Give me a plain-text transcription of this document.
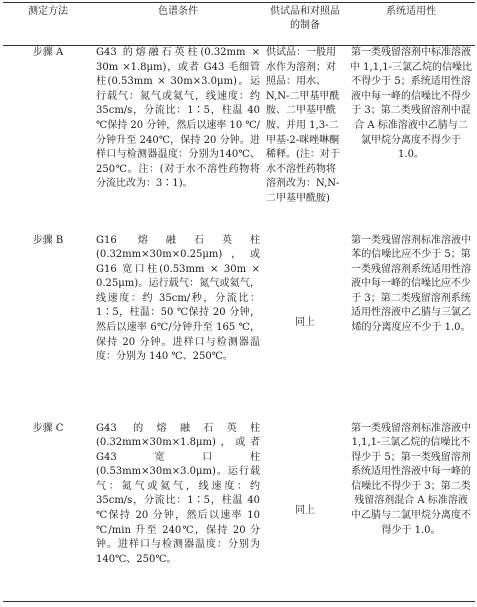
测定方法	色谱条件	供试品和对照品的制备	系统适用性
步骤 A	G43 的熔融石英柱(0.32mm × 30m ×1.8μm)，或者 G43 毛细管柱(0.53mm × 30m×3.0μm)。运行载气：氮气或氦气，线速度：约35cm/s，分流比：1∶5，柱温 40 ℃保持 20 分钟，然后以速率 10 ℃/分钟升至 240℃，保持 20 分钟。进样口与检测器温度：分别为140℃、250℃。注：(对于水不溶性药物将分流比改为：3∶1)。	供试品：一般用水作为溶剂；对照品：用水、N,N-二甲基甲酰胺、二甲基甲酰胺、并用 1,3-二甲基-2-咪唑啉酮稀释。(注：对于水不溶性药物将溶剂改为：N,N-二甲基甲酰胺)	第一类残留溶剂中标准溶液中 1,1,1-三氯乙烷的信噪比不得少于 5；系统适用性溶液中每一峰的信噪比不得少于 3；第二类残留溶剂中混合 A 标准溶液中乙腈与二氯甲烷分离度不得少于 1.0。

步骤 B	G16 熔融石英柱 (0.32mm×30m×0.25μm)，或 G16 宽口柱(0.53mm × 30m × 0.25μm)。运行载气：氮气或氦气，线速度：约 35cm/秒，分流比：1∶5，柱温：50 ℃保持 20 分钟，然后以速率 6℃/分钟升至 165 ℃，保持 20 分钟。进样口与检测器温度：分别为 140 ℃、250℃。	同上	第一类残留溶剂标准溶液中苯的信噪比应不少于 5；第一类残留溶剂系统适用性溶液中每一峰的信噪比应不少于 3；第二类残留溶剂系统适用性溶液中乙腈与三氯乙烯的分离度应不少于 1.0。

步骤 C	G43 的熔融石英柱(0.32mm×30m×1.8μm)，或者 G43宽口柱(0.53mm×30m×3.0μm)。运行载气：氮气或氦气，线速度：约 35cm/s，分流比：1∶5，柱温 40 ℃保持 20 分钟，然后以速率 10 ℃/min 升至 240℃，保持 20 分钟。进样口与检测器温度：分别为 140℃、250℃。	同上	第一类残留溶剂标准溶液中 1,1,1-三氯乙烷的信噪比不得少于 5；第一类残留溶剂系统适用性溶液中每一峰的信噪比不得少于 3；第二类残留溶剂混合 A 标准溶液中乙腈与二氯甲烷分离度不得少于 1.0。
